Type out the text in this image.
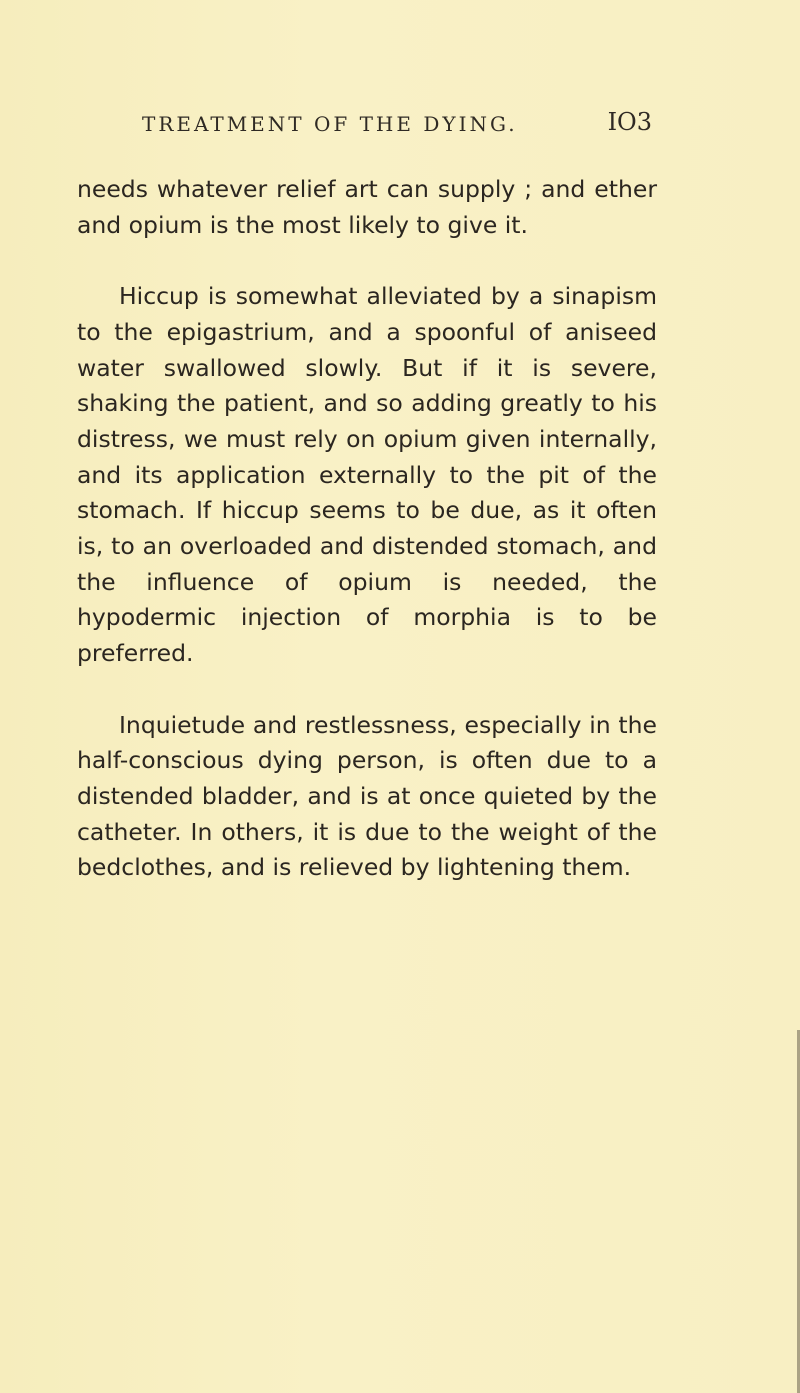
TREATMENT OF THE DYING.	IO3

needs whatever relief art can supply ; and ether and opium is the most likely to give it.

Hiccup is somewhat alleviated by a sinapism to the epigastrium, and a spoonful of aniseed water swallowed slowly. But if it is severe, shaking the patient, and so adding greatly to his distress, we must rely on opium given internally, and its application externally to the pit of the stomach. If hiccup seems to be due, as it often is, to an overloaded and distended stomach, and the influence of opium is needed, the hypodermic injection of morphia is to be preferred.

Inquietude and restlessness, especially in the half-conscious dying person, is often due to a distended bladder, and is at once quieted by the catheter. In others, it is due to the weight of the bedclothes, and is relieved by lightening them.
